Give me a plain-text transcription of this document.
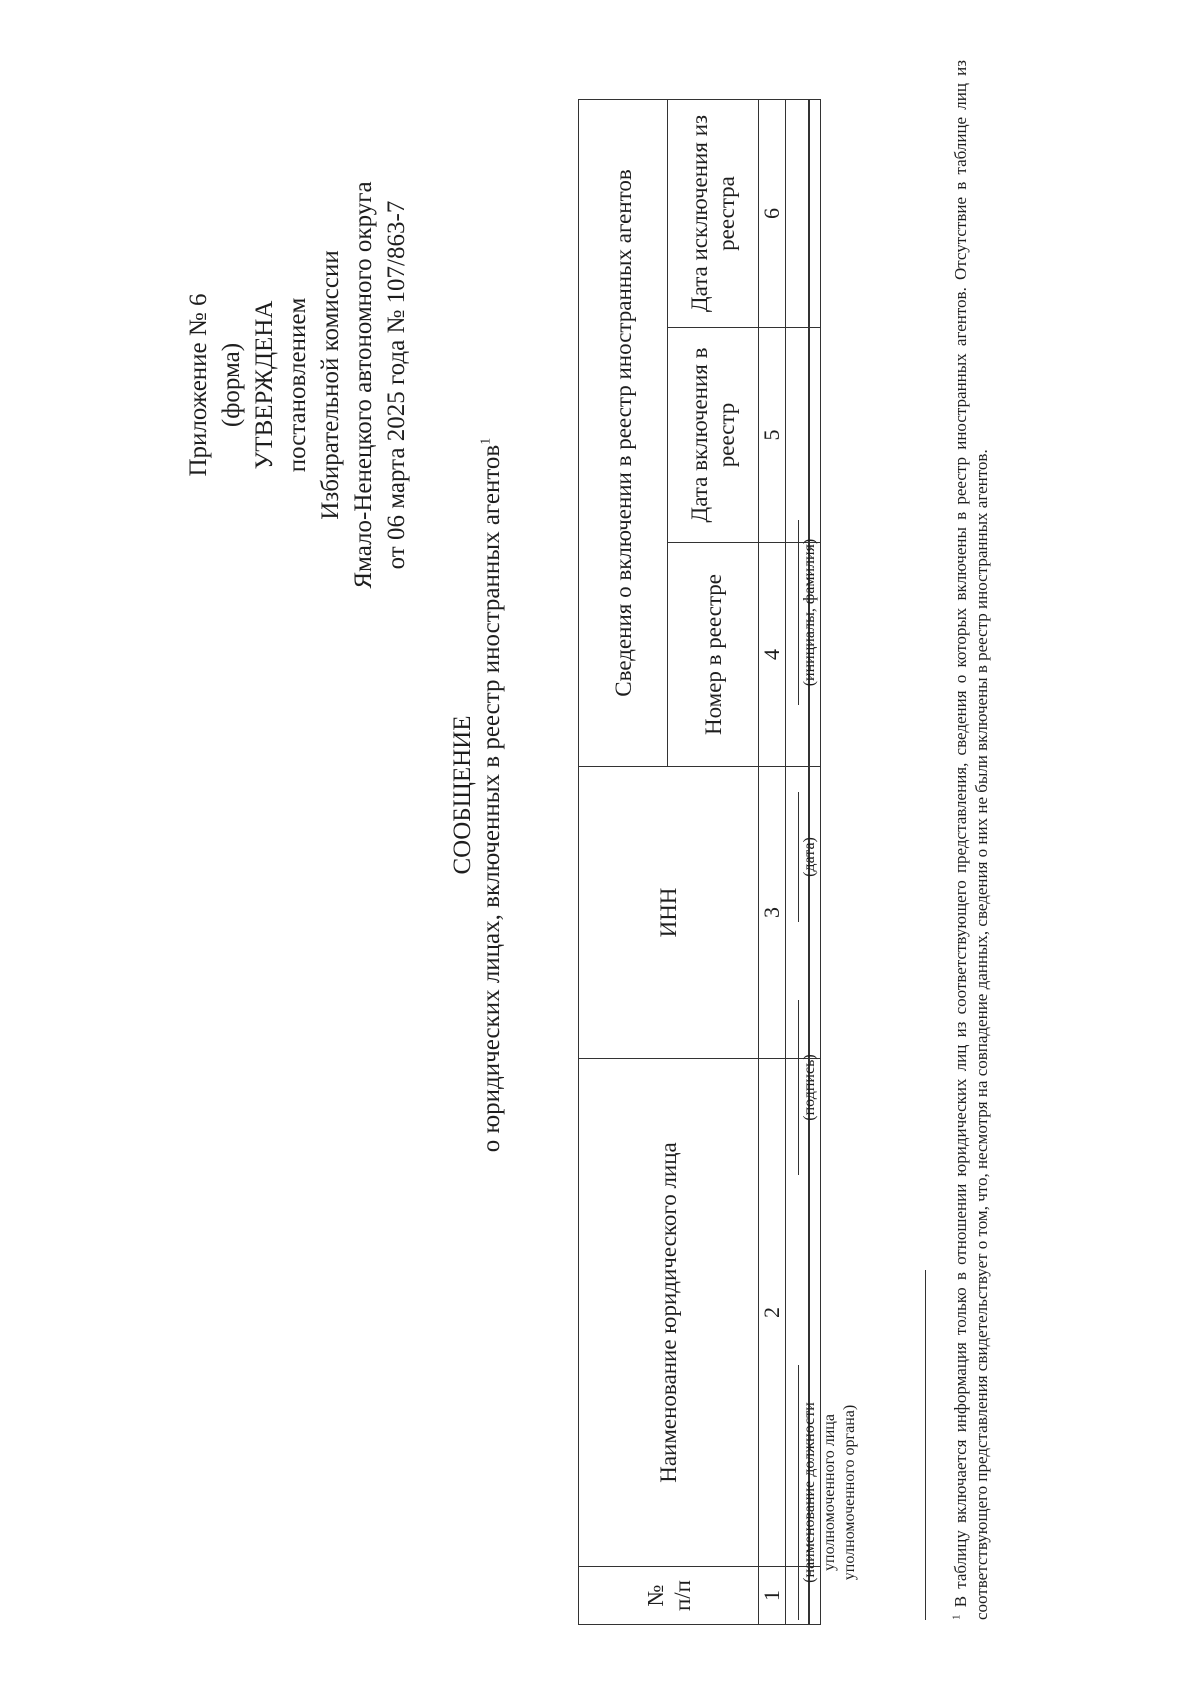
Приложение № 6 (форма) УТВЕРЖДЕНА постановлением Избирательной комиссии Ямало-Ненецкого автономного округа от 06 марта 2025 года № 107/863-7
СООБЩЕНИЕ о юридических лицах, включенных в реестр иностранных агентов$^1$
№ п/п	Наименование юридического лица	ИНН	Сведения о включении в реестр иностранных агентов		
			Номер в реестре	Дата включения в реестр	Дата исключения из реестра
1	2	3	4	5	6

(наименование должности уполномоченного лица уполномоченного органа)
(подпись)
(дата)
(инициалы, фамилия)
$^1$ В таблицу включается информация только в отношении юридических лиц из соответствующего представления, сведения о которых включены в реестр иностранных агентов. Отсутствие в таблице лиц из соответствующего представления свидетельствует о том, что, несмотря на совпадение данных, сведения о них не были включены в реестр иностранных агентов.
